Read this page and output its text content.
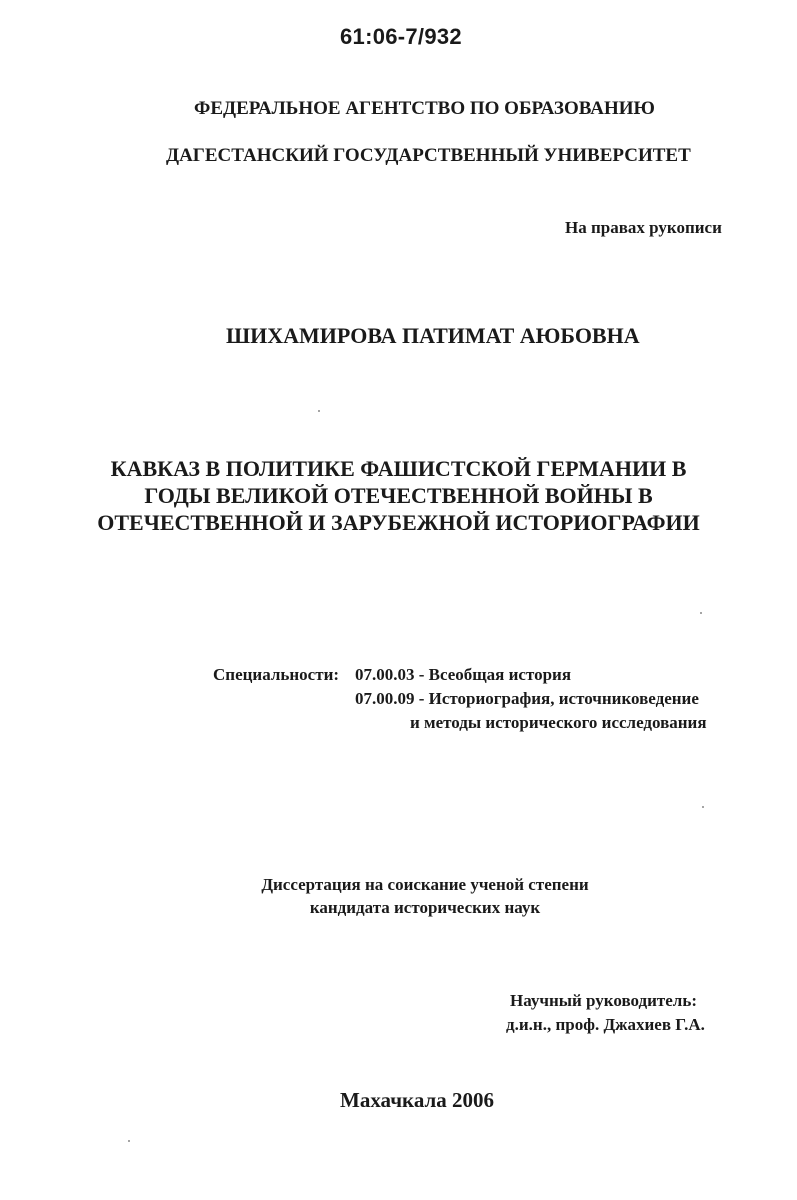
61:06-7/932
ФЕДЕРАЛЬНОЕ АГЕНТСТВО ПО ОБРАЗОВАНИЮ
ДАГЕСТАНСКИЙ ГОСУДАРСТВЕННЫЙ УНИВЕРСИТЕТ
На правах рукописи
ШИХАМИРОВА ПАТИМАТ АЮБОВНА
КАВКАЗ В ПОЛИТИКЕ ФАШИСТСКОЙ ГЕРМАНИИ В
ГОДЫ ВЕЛИКОЙ ОТЕЧЕСТВЕННОЙ ВОЙНЫ В
ОТЕЧЕСТВЕННОЙ И ЗАРУБЕЖНОЙ ИСТОРИОГРАФИИ
Специальности: 07.00.03 - Всеобщая история
07.00.09 - Историография, источниковедение
и методы исторического исследования
Диссертация на соискание ученой степени
кандидата исторических наук
Научный руководитель:
д.и.н., проф. Джахиев Г.А.
Махачкала 2006
